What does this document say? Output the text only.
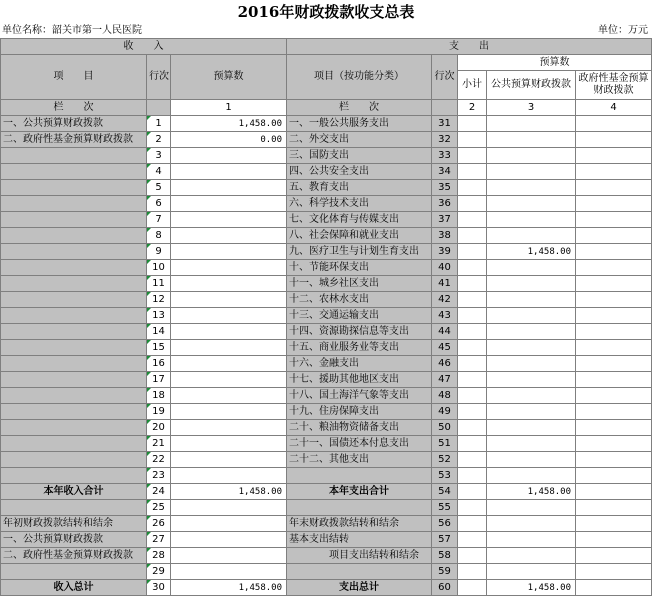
2016年财政拨款收支总表
单位名称：韶关市第一人民医院	单位：万元
收　　入			支　　出				
项　　目	行次	预算数	项目（按功能分类）	行次	预算数		
					小计	公共预算财政拨款	政府性基金预算财政拨款
栏　　次		1	栏　　次		2	3	4
一、公共预算财政拨款	1	1,458.00	一、一般公共服务支出	31			
二、政府性基金预算财政拨款	2	0.00	二、外交支出	32			
	3		三、国防支出	33			
	4		四、公共安全支出	34			
	5		五、教育支出	35			
	6		六、科学技术支出	36			
	7		七、文化体育与传媒支出	37			
	8		八、社会保障和就业支出	38			
	9		九、医疗卫生与计划生育支出	39		1,458.00	
	10		十、节能环保支出	40			
	11		十一、城乡社区支出	41			
	12		十二、农林水支出	42			
	13		十三、交通运输支出	43			
	14		十四、资源勘探信息等支出	44			
	15		十五、商业服务业等支出	45			
	16		十六、金融支出	46			
	17		十七、援助其他地区支出	47			
	18		十八、国土海洋气象等支出	48			
	19		十九、住房保障支出	49			
	20		二十、粮油物资储备支出	50			
	21		二十一、国债还本付息支出	51			
	22		二十二、其他支出	52			
	23			53			
本年收入合计	24	1,458.00	本年支出合计	54		1,458.00	
	25			55			
年初财政拨款结转和结余	26		年末财政拨款结转和结余	56			
一、公共预算财政拨款	27		基本支出结转	57			
二、政府性基金预算财政拨款	28		　　　　项目支出结转和结余	58			
	29			59			
收入总计	30	1,458.00	支出总计	60		1,458.00	
